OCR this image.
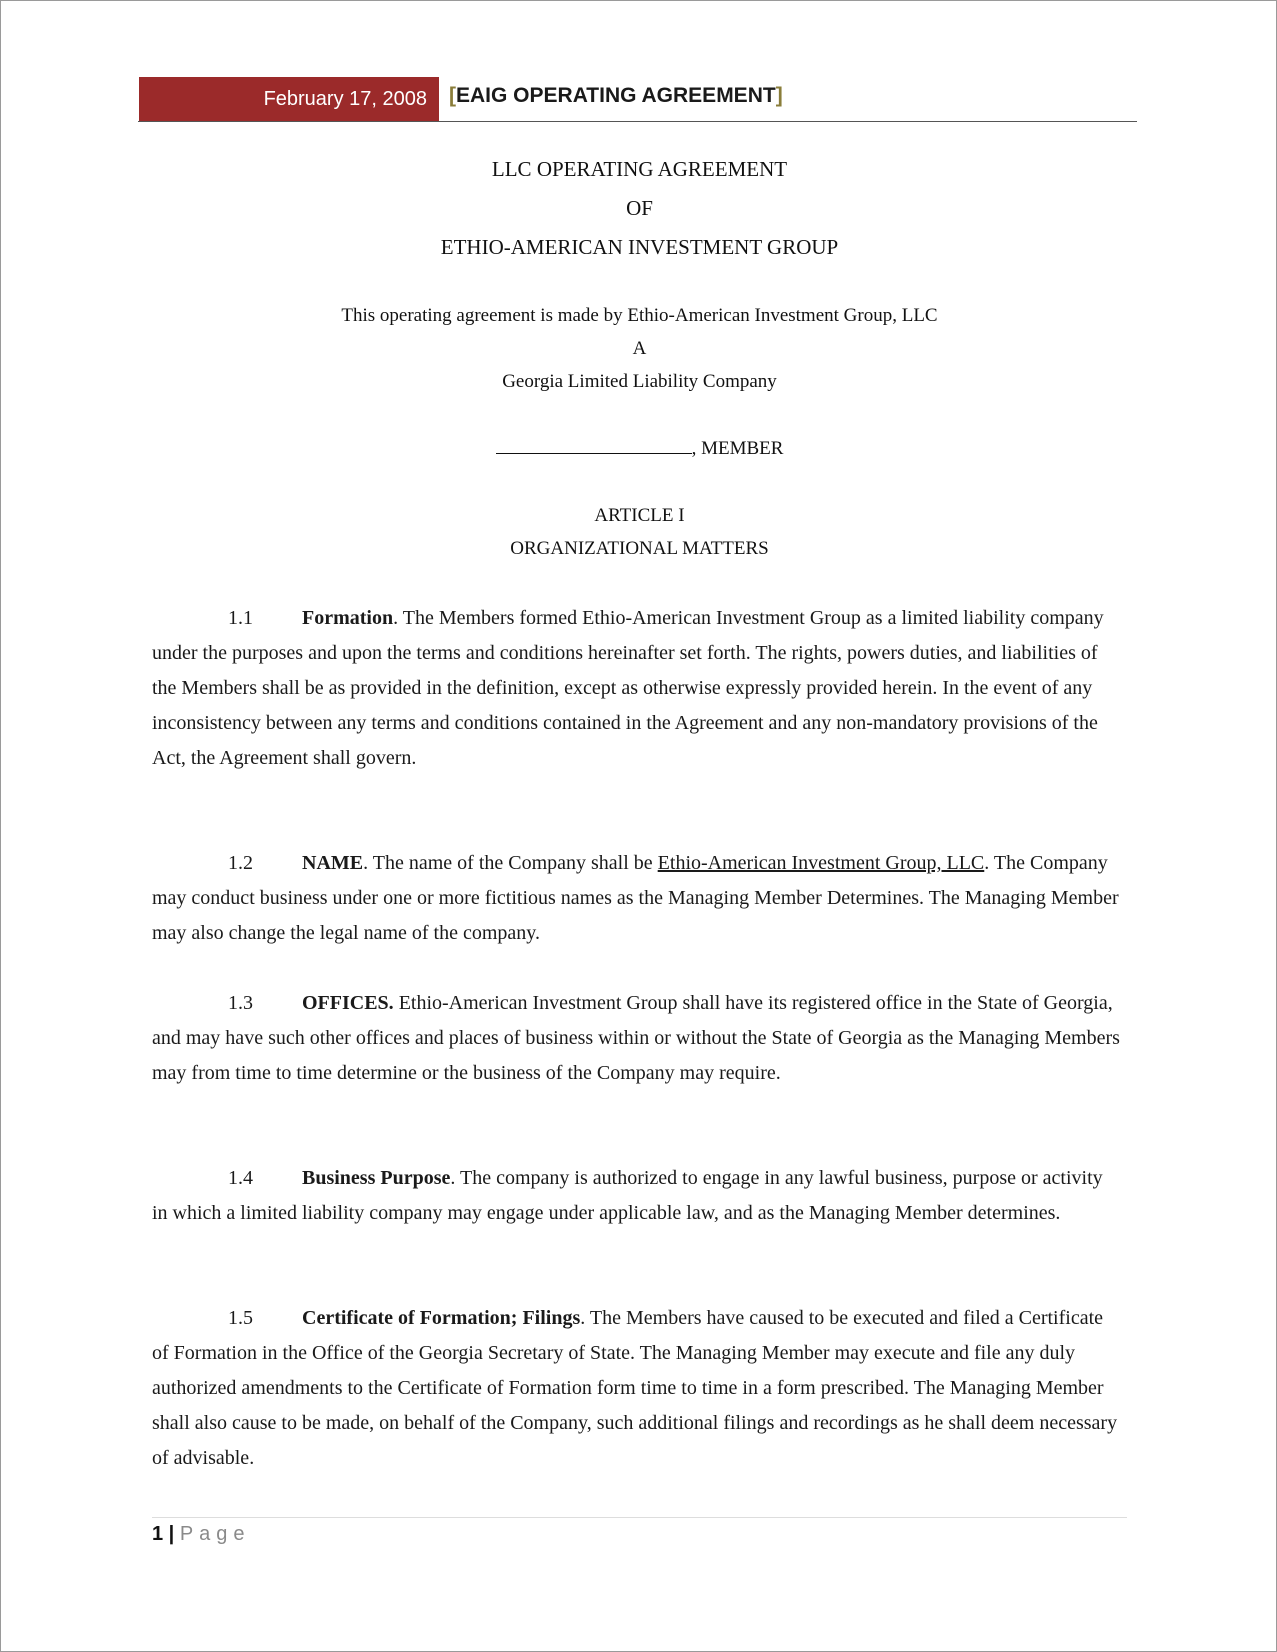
February 17, 2008 [EAIG OPERATING AGREEMENT]
LLC OPERATING AGREEMENT
OF
ETHIO-AMERICAN INVESTMENT GROUP
This operating agreement is made by Ethio-American Investment Group, LLC
A
Georgia Limited Liability Company
, MEMBER
ARTICLE I
ORGANIZATIONAL MATTERS

1.1 Formation. The Members formed Ethio-American Investment Group as a limited liability company under the purposes and upon the terms and conditions hereinafter set forth. The rights, powers duties, and liabilities of the Members shall be as provided in the definition, except as otherwise expressly provided herein. In the event of any inconsistency between any terms and conditions contained in the Agreement and any non-mandatory provisions of the Act, the Agreement shall govern.

1.2 NAME. The name of the Company shall be Ethio-American Investment Group, LLC. The Company may conduct business under one or more fictitious names as the Managing Member Determines. The Managing Member may also change the legal name of the company.

1.3 OFFICES. Ethio-American Investment Group shall have its registered office in the State of Georgia, and may have such other offices and places of business within or without the State of Georgia as the Managing Members may from time to time determine or the business of the Company may require.

1.4 Business Purpose. The company is authorized to engage in any lawful business, purpose or activity in which a limited liability company may engage under applicable law, and as the Managing Member determines.

1.5 Certificate of Formation; Filings. The Members have caused to be executed and filed a Certificate of Formation in the Office of the Georgia Secretary of State. The Managing Member may execute and file any duly authorized amendments to the Certificate of Formation form time to time in a form prescribed. The Managing Member shall also cause to be made, on behalf of the Company, such additional filings and recordings as he shall deem necessary of advisable.

1 | Page
